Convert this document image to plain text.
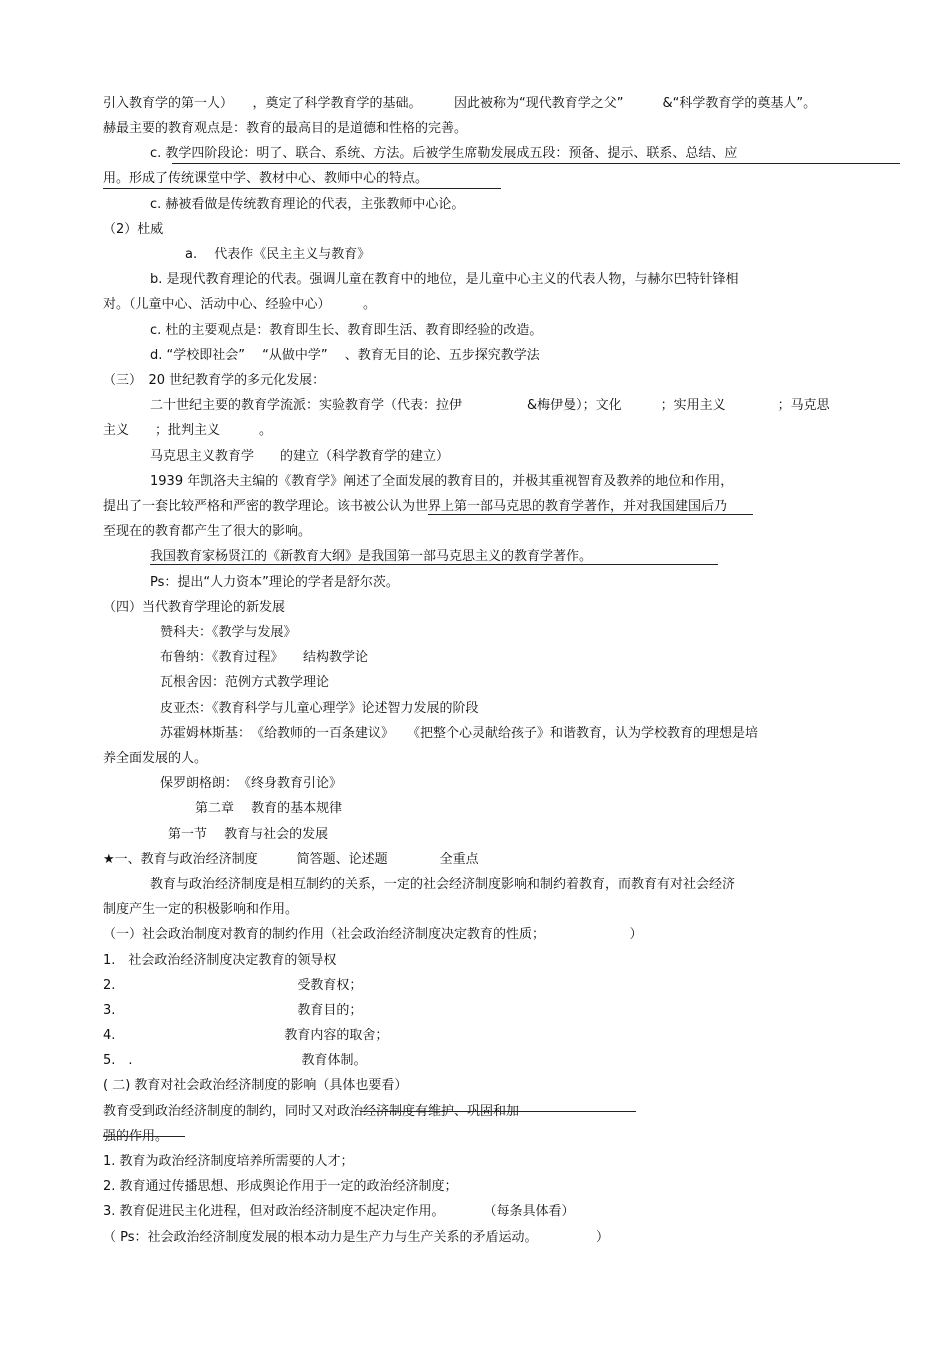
引入教育学的第一人）　　，奠定了科学教育学的基础。　　　因此被称为“现代教育学之父”　　　&“科学教育学的奠基人”。

赫最主要的教育观点是：教育的最高目的是道德和性格的完善。

c. 教学四阶段论：明了、联合、系统、方法。后被学生席勒发展成五段：预备、提示、联系、总结、应

用。形成了传统课堂中学、教材中心、教师中心的特点。

c. 赫被看做是传统教育理论的代表，主张教师中心论。

（2）杜威

a.　 代表作《民主主义与教育》

b. 是现代教育理论的代表。强调儿童在教育中的地位，是儿童中心主义的代表人物，与赫尔巴特针锋相

对。（儿童中心、活动中心、经验中心）　　　。

c. 杜的主要观点是：教育即生长、教育即生活、教育即经验的改造。

d. “学校即社会”　 “从做中学”　 、教育无目的论、五步探究教学法

（三）　20 世纪教育学的多元化发展：

二十世纪主要的教育学流派：实验教育学（代表：拉伊　　　　　&梅伊曼）；文化　　　；实用主义　　　　；马克思

主义　　；批判主义　　　。

马克思主义教育学　　的建立（科学教育学的建立）

1939 年凯洛夫主编的《教育学》阐述了全面发展的教育目的，并极其重视智育及教养的地位和作用，

提出了一套比较严格和严密的教学理论。该书被公认为世界上第一部马克思的教育学著作，并对我国建国后乃

至现在的教育都产生了很大的影响。

我国教育家杨贤江的《新教育大纲》是我国第一部马克思主义的教育学著作。

Ps：提出“人力资本”理论的学者是舒尔茨。

（四）当代教育学理论的新发展

赞科夫：《教学与发展》

布鲁纳：《教育过程》　　结构教学论

瓦根舍因：范例方式教学理论

皮亚杰：《教育科学与儿童心理学》论述智力发展的阶段

苏霍姆林斯基：　《给教师的一百条建议》　　《把整个心灵献给孩子》和谐教育，认为学校教育的理想是培

养全面发展的人。

保罗朗格朗：　《终身教育引论》

第二章　 教育的基本规律

第一节　 教育与社会的发展

★一、教育与政治经济制度　　　简答题、论述题　　　　全重点

教育与政治经济制度是相互制约的关系，一定的社会经济制度影响和制约着教育，而教育有对社会经济

制度产生一定的积极影响和作用。

（一）社会政治制度对教育的制约作用（社会政治经济制度决定教育的性质；　　　　　　　）

1.　社会政治经济制度决定教育的领导权

2.　　　　　　　　　　　　　　受教育权；

3.　　　　　　　　　　　　　　教育目的；

4.　　　　　　　　　　　　　教育内容的取舍；

5.　.　　　　　　　　　　　　　教育体制。

( 二) 教育对社会政治经济制度的影响（具体也要看）

教育受到政治经济制度的制约，同时又对政治经济制度有维护、巩固和加

强的作用。

1. 教育为政治经济制度培养所需要的人才；

2. 教育通过传播思想、形成舆论作用于一定的政治经济制度；

3. 教育促进民主化进程，但对政治经济制度不起决定作用。　　　　（每条具体看）

（ Ps：社会政治经济制度发展的根本动力是生产力与生产关系的矛盾运动。　　　　　）
